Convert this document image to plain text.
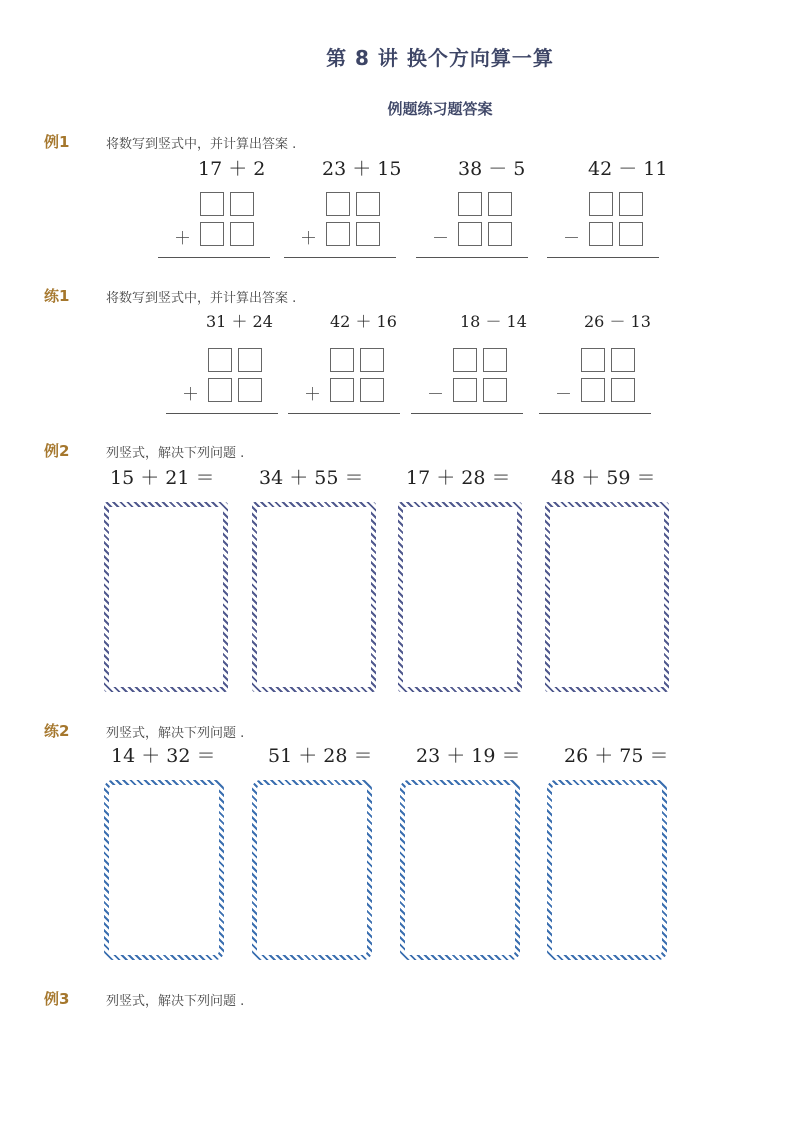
第 8 讲 换个方向算一算
例题练习题答案
例1	将数写到竖式中，并计算出答案 .
17 ＋ 2	23 ＋ 15	38 － 5	42 － 11
＋	＋	－	－
练1	将数写到竖式中，并计算出答案 .
31 ＋ 24	42 ＋ 16	18 － 14	26 － 13
＋	＋	－	－
例2	列竖式，解决下列问题 .
15 ＋ 21 ＝ 34 ＋ 55 ＝ 17 ＋ 28 ＝ 48 ＋ 59 ＝
练2	列竖式，解决下列问题 .
14 ＋ 32 ＝	51 ＋ 28 ＝ 23 ＋ 19 ＝ 26 ＋ 75 ＝
例3	列竖式，解决下列问题 .
